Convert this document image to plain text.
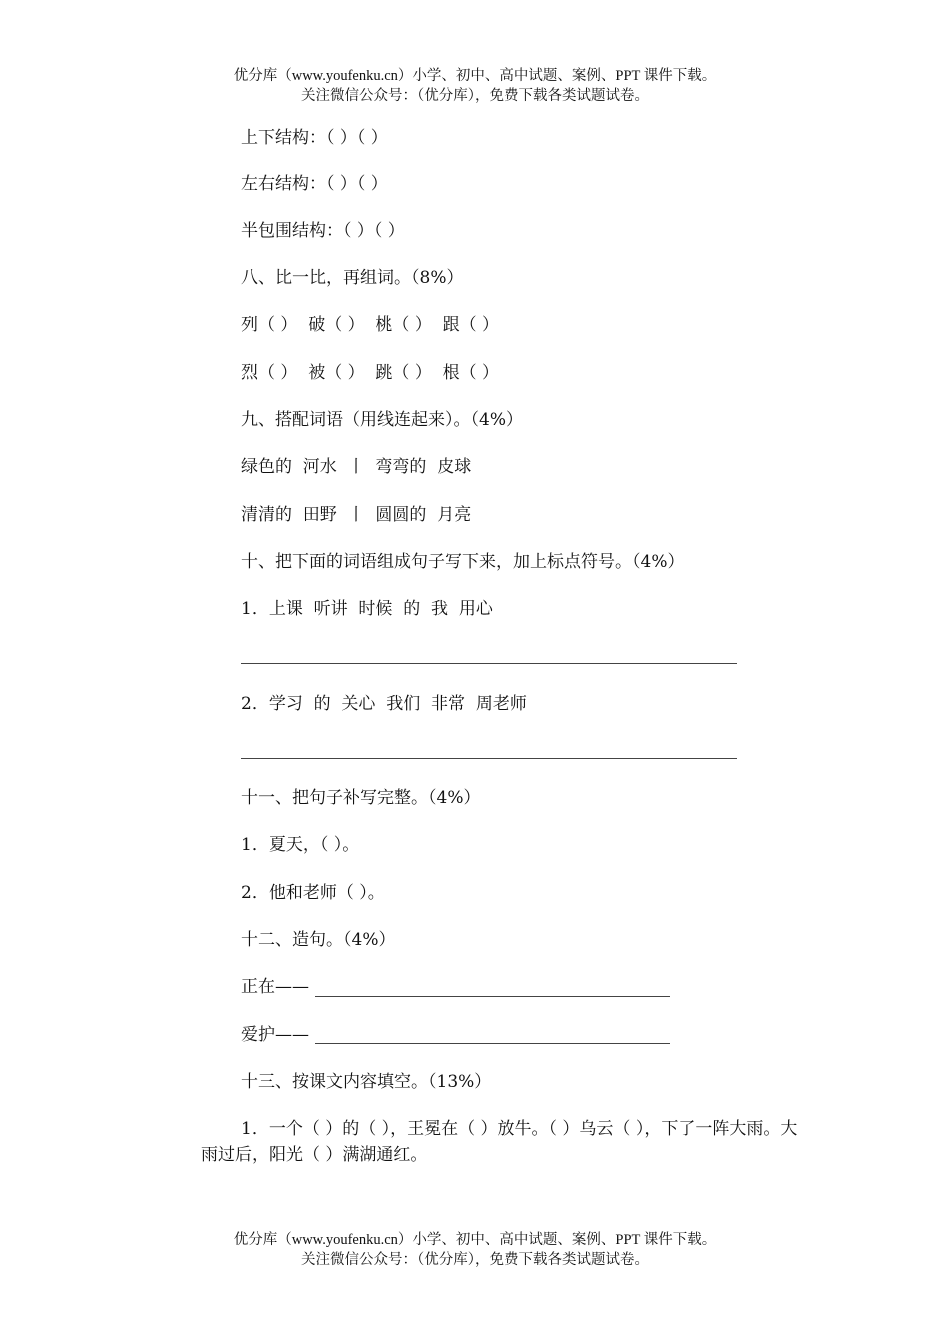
优分库（www.youfenku.cn）小学、初中、高中试题、案例、PPT 课件下载。
关注微信公众号：（优分库），免费下载各类试题试卷。
上下结构：（ ）（ ）
左右结构：（ ）（ ）
半包围结构：（ ）（ ）
八、比一比，再组词。（8%）
列（ ）  破（ ）  桃（ ）  跟（ ）
烈（ ）  被（ ）  跳（ ）  根（ ）
九、搭配词语（用线连起来）。（4%）
绿色的  河水  丨  弯弯的  皮球
清清的  田野  丨  圆圆的  月亮
十、把下面的词语组成句子写下来，加上标点符号。（4%）
1．上课  听讲  时候  的  我  用心
2．学习  的  关心  我们  非常  周老师
十一、把句子补写完整。（4%）
1．夏天，（ ）。
2．他和老师（ ）。
十二、造句。（4%）
正在——
爱护——
十三、按课文内容填空。（13%）
1．一个（ ）的（ ），王冕在（ ）放牛。（ ）乌云（ ），下了一阵大雨。大雨过后，阳光（ ）满湖通红。
优分库（www.youfenku.cn）小学、初中、高中试题、案例、PPT 课件下载。
关注微信公众号：（优分库），免费下载各类试题试卷。
